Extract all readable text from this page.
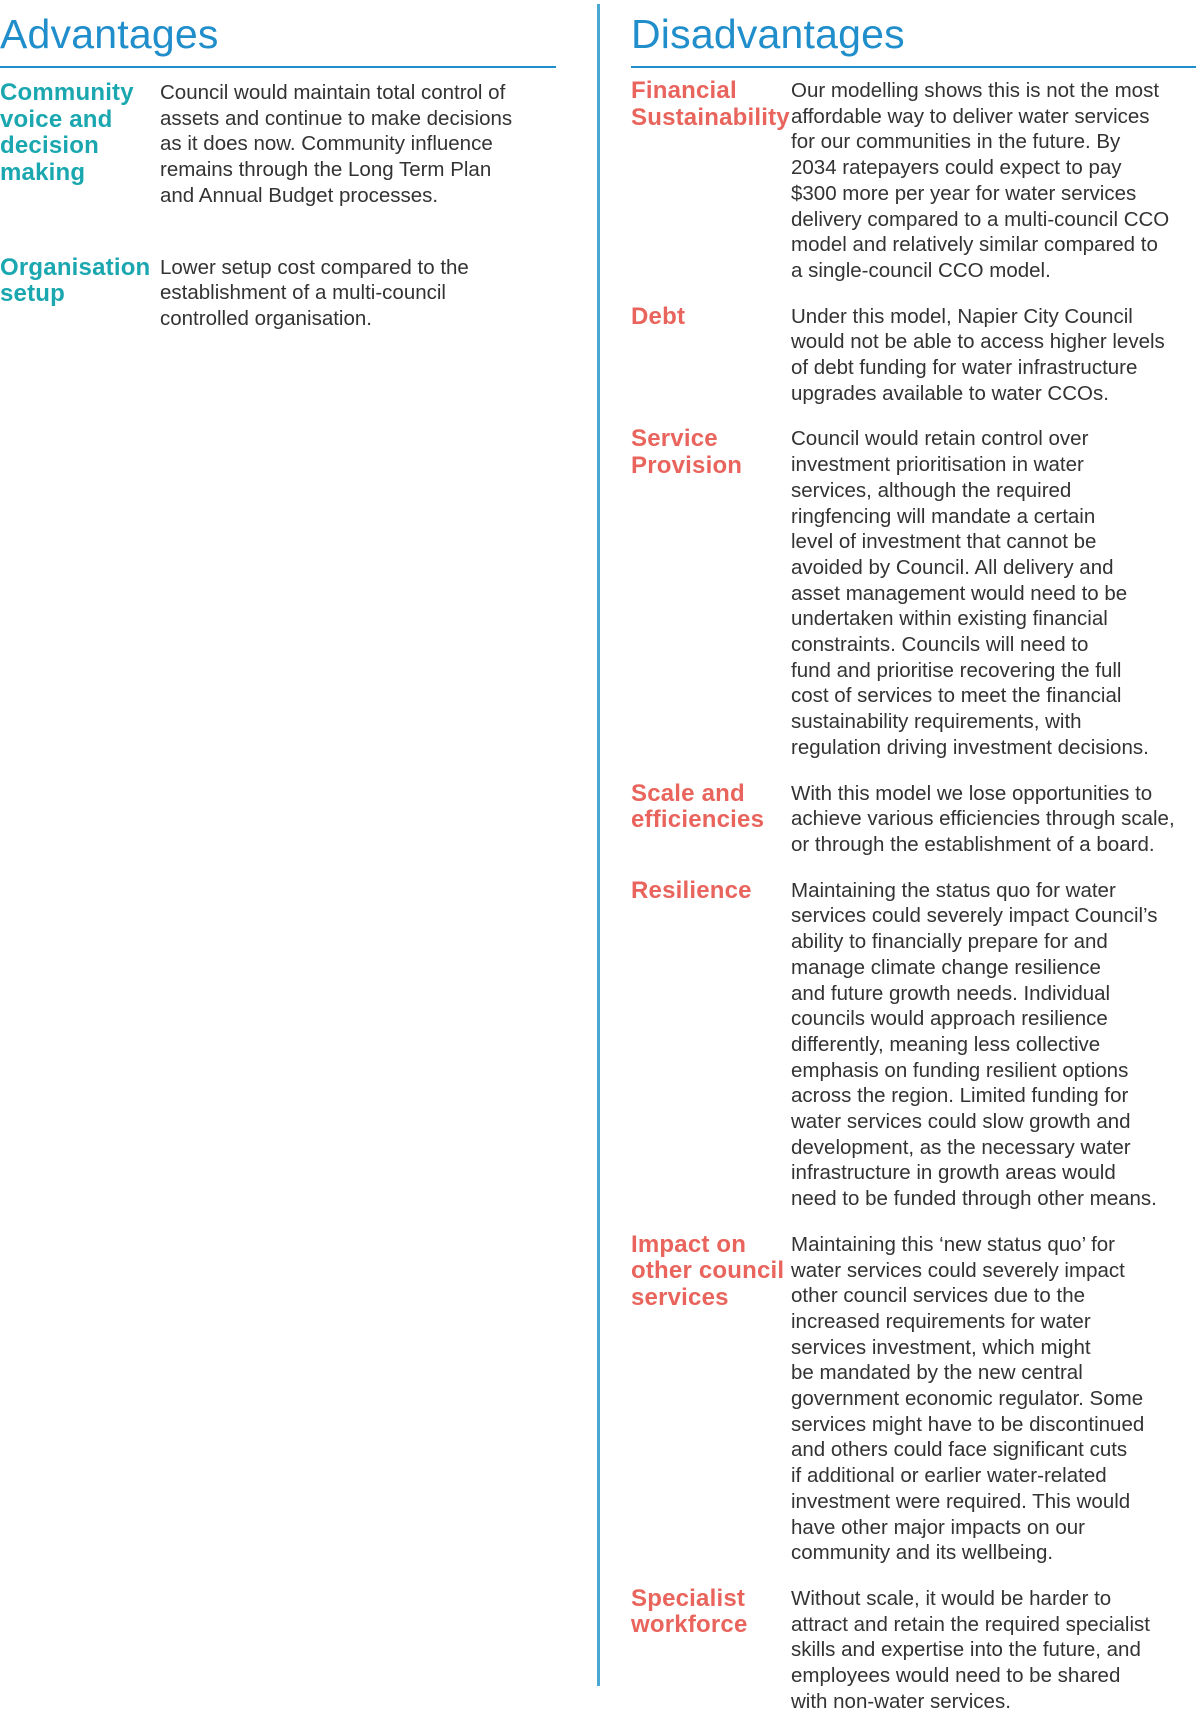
Advantages
Community
voice and
decision
making
Council would maintain total control of
assets and continue to make decisions
as it does now. Community influence
remains through the Long Term Plan
and Annual Budget processes.
Organisation
setup
Lower setup cost compared to the
establishment of a multi-council
controlled organisation.
Disadvantages
Financial
Sustainability
Our modelling shows this is not the most
affordable way to deliver water services
for our communities in the future. By
2034 ratepayers could expect to pay
$300 more per year for water services
delivery compared to a multi-council CCO
model and relatively similar compared to
a single-council CCO model.
Debt	Under this model, Napier City Council
would not be able to access higher levels
of debt funding for water infrastructure
upgrades available to water CCOs.
Service
Provision
Council would retain control over
investment prioritisation in water
services, although the required
ringfencing will mandate a certain
level of investment that cannot be
avoided by Council. All delivery and
asset management would need to be
undertaken within existing financial
constraints. Councils will need to
fund and prioritise recovering the full
cost of services to meet the financial
sustainability requirements, with
regulation driving investment decisions.
Scale and
efficiencies
With this model we lose opportunities to
achieve various efficiencies through scale,
or through the establishment of a board.
Resilience	Maintaining the status quo for water
services could severely impact Council’s
ability to financially prepare for and
manage climate change resilience
and future growth needs. Individual
councils would approach resilience
differently, meaning less collective
emphasis on funding resilient options
across the region. Limited funding for
water services could slow growth and
development, as the necessary water
infrastructure in growth areas would
need to be funded through other means.
Impact on
other council
services
Maintaining this ‘new status quo’ for
water services could severely impact
other council services due to the
increased requirements for water
services investment, which might
be mandated by the new central
government economic regulator. Some
services might have to be discontinued
and others could face significant cuts
if additional or earlier water-related
investment were required. This would
have other major impacts on our
community and its wellbeing.
Specialist
workforce
Without scale, it would be harder to
attract and retain the required specialist
skills and expertise into the future, and
employees would need to be shared
with non-water services.
